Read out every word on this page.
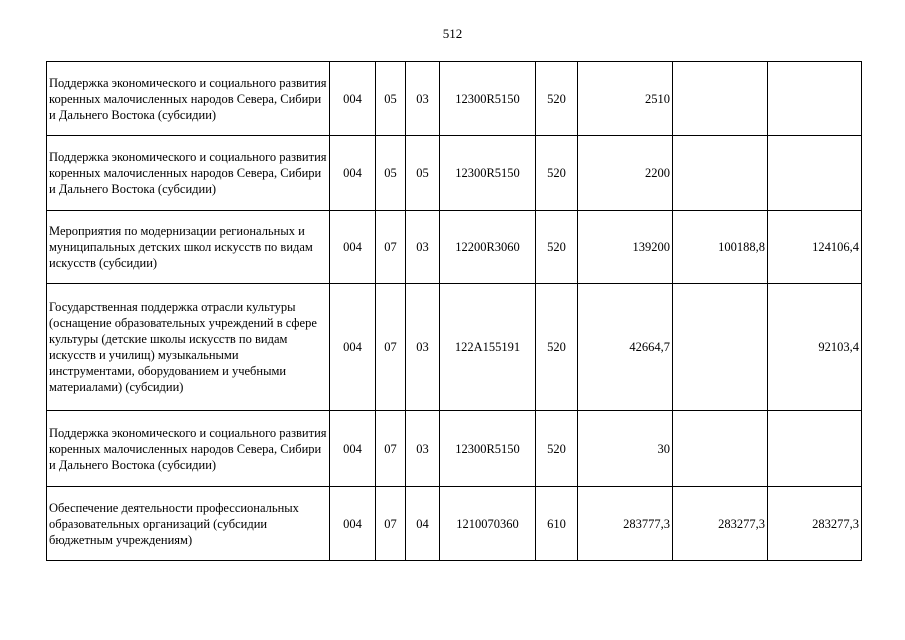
512
Поддержка экономического и социального развития коренных малочисленных народов Севера, Сибири и Дальнего Востока (субсидии)	004	05	03	12300R5150	520	2510		
Поддержка экономического и социального развития коренных малочисленных народов Севера, Сибири и Дальнего Востока (субсидии)	004	05	05	12300R5150	520	2200		
Мероприятия по модернизации региональных и муниципальных детских школ искусств по видам искусств (субсидии)	004	07	03	12200R3060	520	139200	100188,8	124106,4
Государственная поддержка отрасли культуры (оснащение образовательных учреждений в сфере культуры (детские школы искусств по видам искусств и училищ) музыкальными инструментами, оборудованием и учебными материалами) (субсидии)	004	07	03	122A155191	520	42664,7		92103,4
Поддержка экономического и социального развития коренных малочисленных народов Севера, Сибири и Дальнего Востока (субсидии)	004	07	03	12300R5150	520	30		
Обеспечение деятельности профессиональных образовательных организаций (субсидии бюджетным учреждениям)	004	07	04	1210070360	610	283777,3	283277,3	283277,3
